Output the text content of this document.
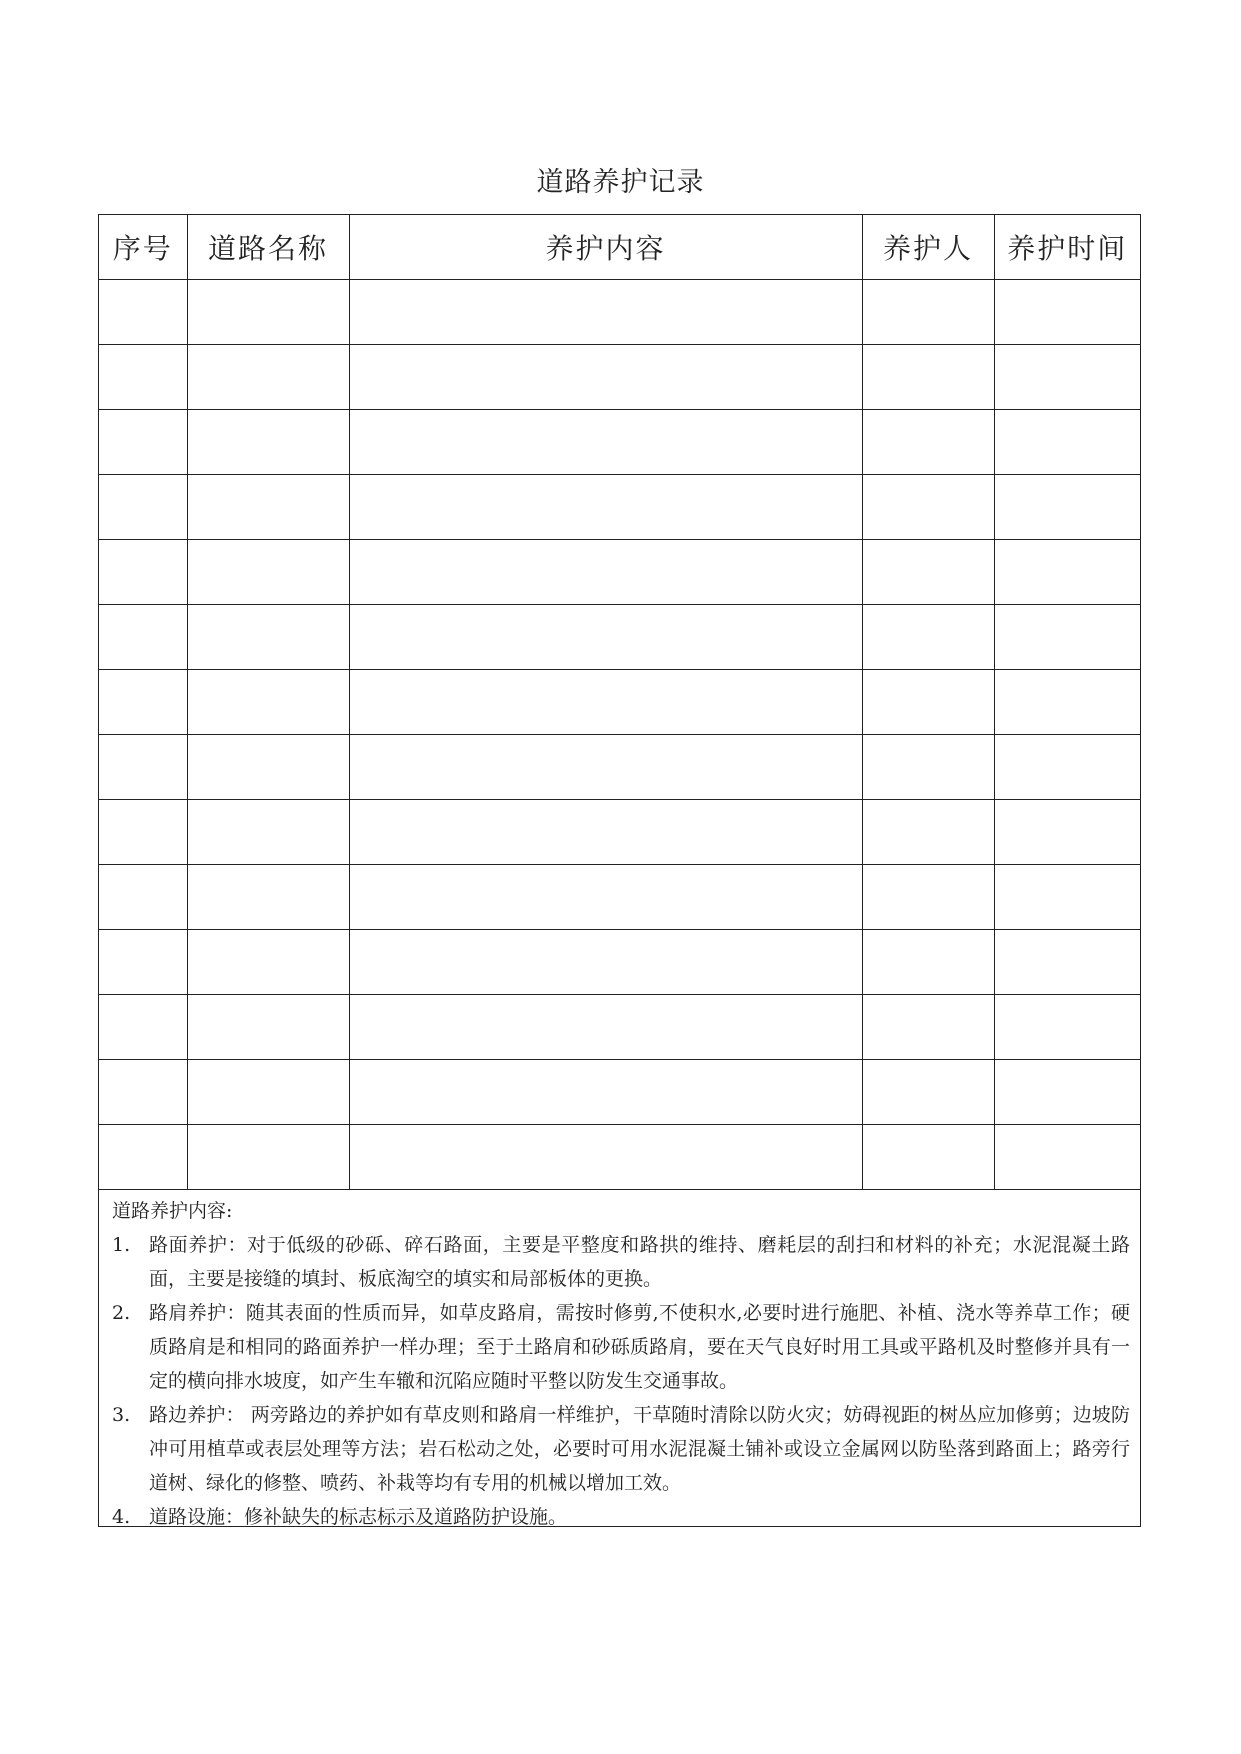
道路养护记录
序号	道路名称	养护内容	养护人	养护时间

道路养护内容:

1. 路面养护：对于低级的砂砾、碎石路面，主要是平整度和路拱的维持、磨耗层的刮扫和材料的补充；水泥混凝土路面，主要是接缝的填封、板底淘空的填实和局部板体的更换。
2. 路肩养护：随其表面的性质而异，如草皮路肩，需按时修剪,不使积水,必要时进行施肥、补植、浇水等养草工作；硬质路肩是和相同的路面养护一样办理；至于土路肩和砂砾质路肩，要在天气良好时用工具或平路机及时整修并具有一定的横向排水坡度，如产生车辙和沉陷应随时平整以防发生交通事故。
3. 路边养护： 两旁路边的养护如有草皮则和路肩一样维护，干草随时清除以防火灾；妨碍视距的树丛应加修剪；边坡防冲可用植草或表层处理等方法；岩石松动之处，必要时可用水泥混凝土铺补或设立金属网以防坠落到路面上；路旁行道树、绿化的修整、喷药、补栽等均有专用的机械以增加工效。
4. 道路设施：修补缺失的标志标示及道路防护设施。
